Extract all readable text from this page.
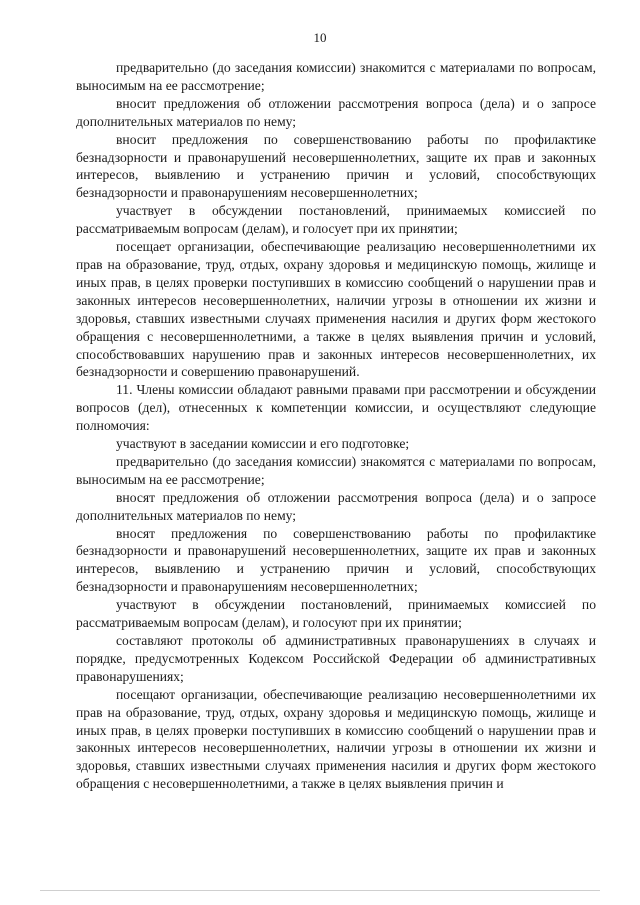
10

предварительно (до заседания комиссии) знакомится с материалами по вопросам, выносимым на ее рассмотрение;

вносит предложения об отложении рассмотрения вопроса (дела) и о запросе дополнительных материалов по нему;

вносит предложения по совершенствованию работы по профилактике безнадзорности и правонарушений несовершеннолетних, защите их прав и законных интересов, выявлению и устранению причин и условий, способствующих безнадзорности и правонарушениям несовершеннолетних;

участвует в обсуждении постановлений, принимаемых комиссией по рассматриваемым вопросам (делам), и голосует при их принятии;

посещает организации, обеспечивающие реализацию несовершеннолетними их прав на образование, труд, отдых, охрану здоровья и медицинскую помощь, жилище и иных прав, в целях проверки поступивших в комиссию сообщений о нарушении прав и законных интересов несовершеннолетних, наличии угрозы в отношении их жизни и здоровья, ставших известными случаях применения насилия и других форм жестокого обращения с несовершеннолетними, а также в целях выявления причин и условий, способствовавших нарушению прав и законных интересов несовершеннолетних, их безнадзорности и совершению правонарушений.

11. Члены комиссии обладают равными правами при рассмотрении и обсуждении вопросов (дел), отнесенных к компетенции комиссии, и осуществляют следующие полномочия:

участвуют в заседании комиссии и его подготовке;

предварительно (до заседания комиссии) знакомятся с материалами по вопросам, выносимым на ее рассмотрение;

вносят предложения об отложении рассмотрения вопроса (дела) и о запросе дополнительных материалов по нему;

вносят предложения по совершенствованию работы по профилактике безнадзорности и правонарушений несовершеннолетних, защите их прав и законных интересов, выявлению и устранению причин и условий, способствующих безнадзорности и правонарушениям несовершеннолетних;

участвуют в обсуждении постановлений, принимаемых комиссией по рассматриваемым вопросам (делам), и голосуют при их принятии;

составляют протоколы об административных правонарушениях в случаях и порядке, предусмотренных Кодексом Российской Федерации об административных правонарушениях;

посещают организации, обеспечивающие реализацию несовершеннолетними их прав на образование, труд, отдых, охрану здоровья и медицинскую помощь, жилище и иных прав, в целях проверки поступивших в комиссию сообщений о нарушении прав и законных интересов несовершеннолетних, наличии угрозы в отношении их жизни и здоровья, ставших известными случаях применения насилия и других форм жестокого обращения с несовершеннолетними, а также в целях выявления причин и
